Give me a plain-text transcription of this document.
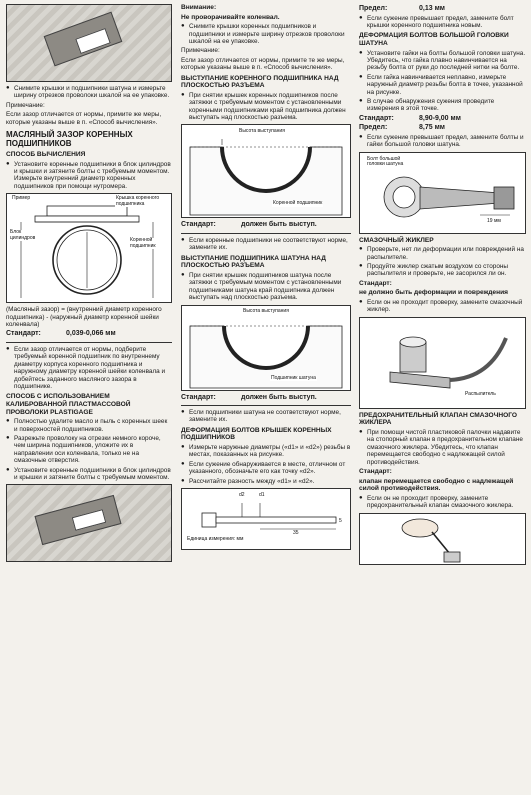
● Снимите крышки и подшипники шатуна и измерьте ширину отрезков проволоки шкалой на ее упаковке.
Примечание:
Если зазор отличается от нормы, примите же меры, которые указаны выше в п. «Способ вычисления».
МАСЛЯНЫЙ ЗАЗОР КОРЕННЫХ ПОДШИПНИКОВ
СПОСОБ ВЫЧИСЛЕНИЯ
● Установите коренные подшипники в блок цилиндров и крышки и затяните болты с требуемым моментом. Измерьте внутренний диаметр коренных подшипников при помощи нутромера.
Пример	Крышка коренного подшипника
Блок цилиндров	Коренной подшипник
(Масляный зазор) = (внутренний диаметр коренного подшипника) - (наружный диаметр коренной шейки коленвала)
Стандарт:	0,039-0,066 мм
● Если зазор отличается от нормы, подберите требуемый коренной подшипник по внутреннему диаметру корпуса коренного подшипника и наружному диаметру коренной шейки коленвала и добейтесь заданного масляного зазора в подшипнике.
СПОСОБ С ИСПОЛЬЗОВАНИЕМ КАЛИБРОВАННОЙ ПЛАСТМАССОВОЙ ПРОВОЛОКИ PLASTIGAGE
● Полностью удалите масло и пыль с коренных шеек и поверхностей подшипников.
● Разрежьте проволоку на отрезки немного короче, чем ширина подшипников, уложите их в направлении оси коленвала, только не на смазочные отверстия.
● Установите коренные подшипники в блок цилиндров и крышки и затяните болты с требуемым моментом.
Внимание:
Не проворачивайте коленвал.
● Снимите крышки коренных подшипников и подшипники и измерьте ширину отрезков проволоки шкалой на ее упаковке.
Примечание:
Если зазор отличается от нормы, примите те же меры, которые указаны выше в п. «Способ вычисления».
ВЫСТУПАНИЕ КОРЕННОГО ПОДШИПНИКА НАД ПЛОСКОСТЬЮ РАЗЪЕМА
● При снятии крышек коренных подшипников после затяжки с требуемым моментом с установленными коренными подшипниками край подшипника должен выступать над плоскостью разъема.
Высота выступания
Коренной подшипник
Стандарт:	должен быть выступ.
● Если коренные подшипники не соответствуют норме, замените их.
ВЫСТУПАНИЕ ПОДШИПНИКА ШАТУНА НАД ПЛОСКОСТЬЮ РАЗЪЕМА
● При снятии крышек подшипников шатуна после затяжки с требуемым моментом с установленными подшипниками шатуна край подшипника должен выступать над плоскостью разъема.
Высота выступания
Подшипник шатуна
Стандарт:	должен быть выступ.
● Если подшипники шатуна не соответствуют норме, замените их.
ДЕФОРМАЦИЯ БОЛТОВ КРЫШЕК КОРЕННЫХ ПОДШИПНИКОВ
● Измерьте наружные диаметры («d1» и «d2») резьбы в местах, показанных на рисунке.
● Если сужение обнаруживается в месте, отличном от указанного, обозначьте его как точку «d2».
● Рассчитайте разность между «d1» и «d2».
d2	d1
5
35
Единица измерения: мм
Предел:	0,13 мм
● Если сужение превышает предел, замените болт крышки коренного подшипника новым.
ДЕФОРМАЦИЯ БОЛТОВ БОЛЬШОЙ ГОЛОВКИ ШАТУНА
● Установите гайки на болты большой головки шатуна. Убедитесь, что гайка плавно навинчивается на резьбу болта от руки до последней нитки на болте.
● Если гайка навинчивается неплавно, измерьте наружный диаметр резьбы болта в точке, указанной на рисунке.
● В случае обнаружения сужения проведите измерения в этой точке.
Стандарт:	8,90-9,00 мм
Предел:	8,75 мм
● Если сужение превышает предел, замените болты и гайки большой головки шатуна.
Болт большой головки шатуна
19 мм
СМАЗОЧНЫЙ ЖИКЛЕР
● Проверьте, нет ли деформации или повреждений на распылителе.
● Продуйте жиклер сжатым воздухом со стороны распылителя и проверьте, не засорился ли он.
Стандарт:
не должно быть деформации и повреждения
● Если он не проходит проверку, замените смазочный жиклер.
Распылитель
ПРЕДОХРАНИТЕЛЬНЫЙ КЛАПАН СМАЗОЧНОГО ЖИКЛЕРА
● При помощи чистой пластиковой палочки надавите на стопорный клапан в предохранительном клапане смазочного жиклера. Убедитесь, что клапан перемещается свободно с надлежащей силой противодействия.
Стандарт:
клапан перемещается свободно с надлежащей силой противодействия.
● Если он не проходит проверку, замените предохранительный клапан смазочного жиклера.
